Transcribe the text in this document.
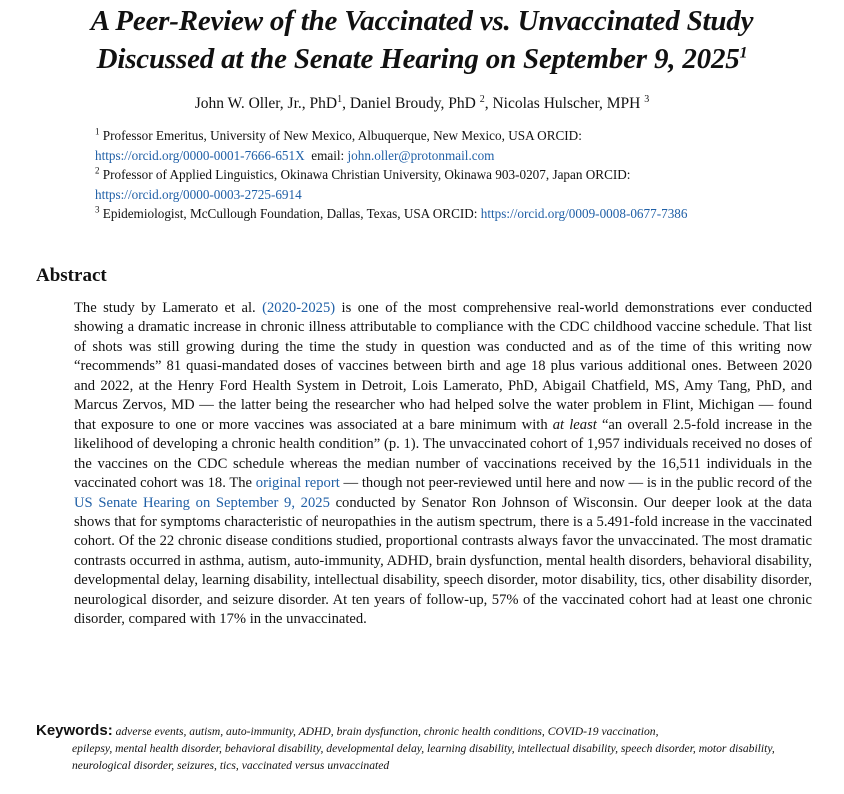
A Peer-Review of the Vaccinated vs. Unvaccinated Study
Discussed at the Senate Hearing on September 9, 2025$^1$
John W. Oller, Jr., PhD$^1$, Daniel Broudy, PhD $^2$, Nicolas Hulscher, MPH $^3$

$^1$ Professor Emeritus, University of New Mexico, Albuquerque, New Mexico, USA ORCID:
https://orcid.org/0000-0001-7666-651X  email: john.oller@protonmail.com

$^2$ Professor of Applied Linguistics, Okinawa Christian University, Okinawa 903-0207, Japan ORCID:
https://orcid.org/0000-0003-2725-6914

$^3$ Epidemiologist, McCullough Foundation, Dallas, Texas, USA ORCID: https://orcid.org/0009-0008-0677-7386

Abstract

The study by Lamerato et al. (2020-2025) is one of the most comprehensive real-world demonstrations ever conducted showing a dramatic increase in chronic illness attributable to compliance with the CDC childhood vaccine schedule. That list of shots was still growing during the time the study in question was conducted and as of the time of this writing now “recommends” 81 quasi-mandated doses of vaccines between birth and age 18 plus various additional ones. Between 2020 and 2022, at the Henry Ford Health System in Detroit, Lois Lamerato, PhD, Abigail Chatfield, MS, Amy Tang, PhD, and Marcus Zervos, MD — the latter being the researcher who had helped solve the water problem in Flint, Michigan — found that exposure to one or more vaccines was associated at a bare minimum with at least “an overall 2.5-fold increase in the likelihood of developing a chronic health condition” (p. 1). The unvaccinated cohort of 1,957 individuals received no doses of the vaccines on the CDC schedule whereas the median number of vaccinations received by the 16,511 individuals in the vaccinated cohort was 18. The original report — though not peer-reviewed until here and now — is in the public record of the US Senate Hearing on September 9, 2025 conducted by Senator Ron Johnson of Wisconsin. Our deeper look at the data shows that for symptoms characteristic of neuropathies in the autism spectrum, there is a 5.491-fold increase in the vaccinated cohort. Of the 22 chronic disease conditions studied, proportional contrasts always favor the unvaccinated. The most dramatic contrasts occurred in asthma, autism, auto-immunity, ADHD, brain dysfunction, mental health disorders, behavioral disability, developmental delay, learning disability, intellectual disability, speech disorder, motor disability, tics, other disability disorder, neurological disorder, and seizure disorder. At ten years of follow-up, 57% of the vaccinated cohort had at least one chronic disorder, compared with 17% in the unvaccinated.

Keywords: adverse events, autism, auto-immunity, ADHD, brain dysfunction, chronic health conditions, COVID-19 vaccination,
epilepsy, mental health disorder, behavioral disability, developmental delay, learning disability, intellectual disability, speech disorder, motor disability, neurological disorder, seizures, tics, vaccinated versus unvaccinated
